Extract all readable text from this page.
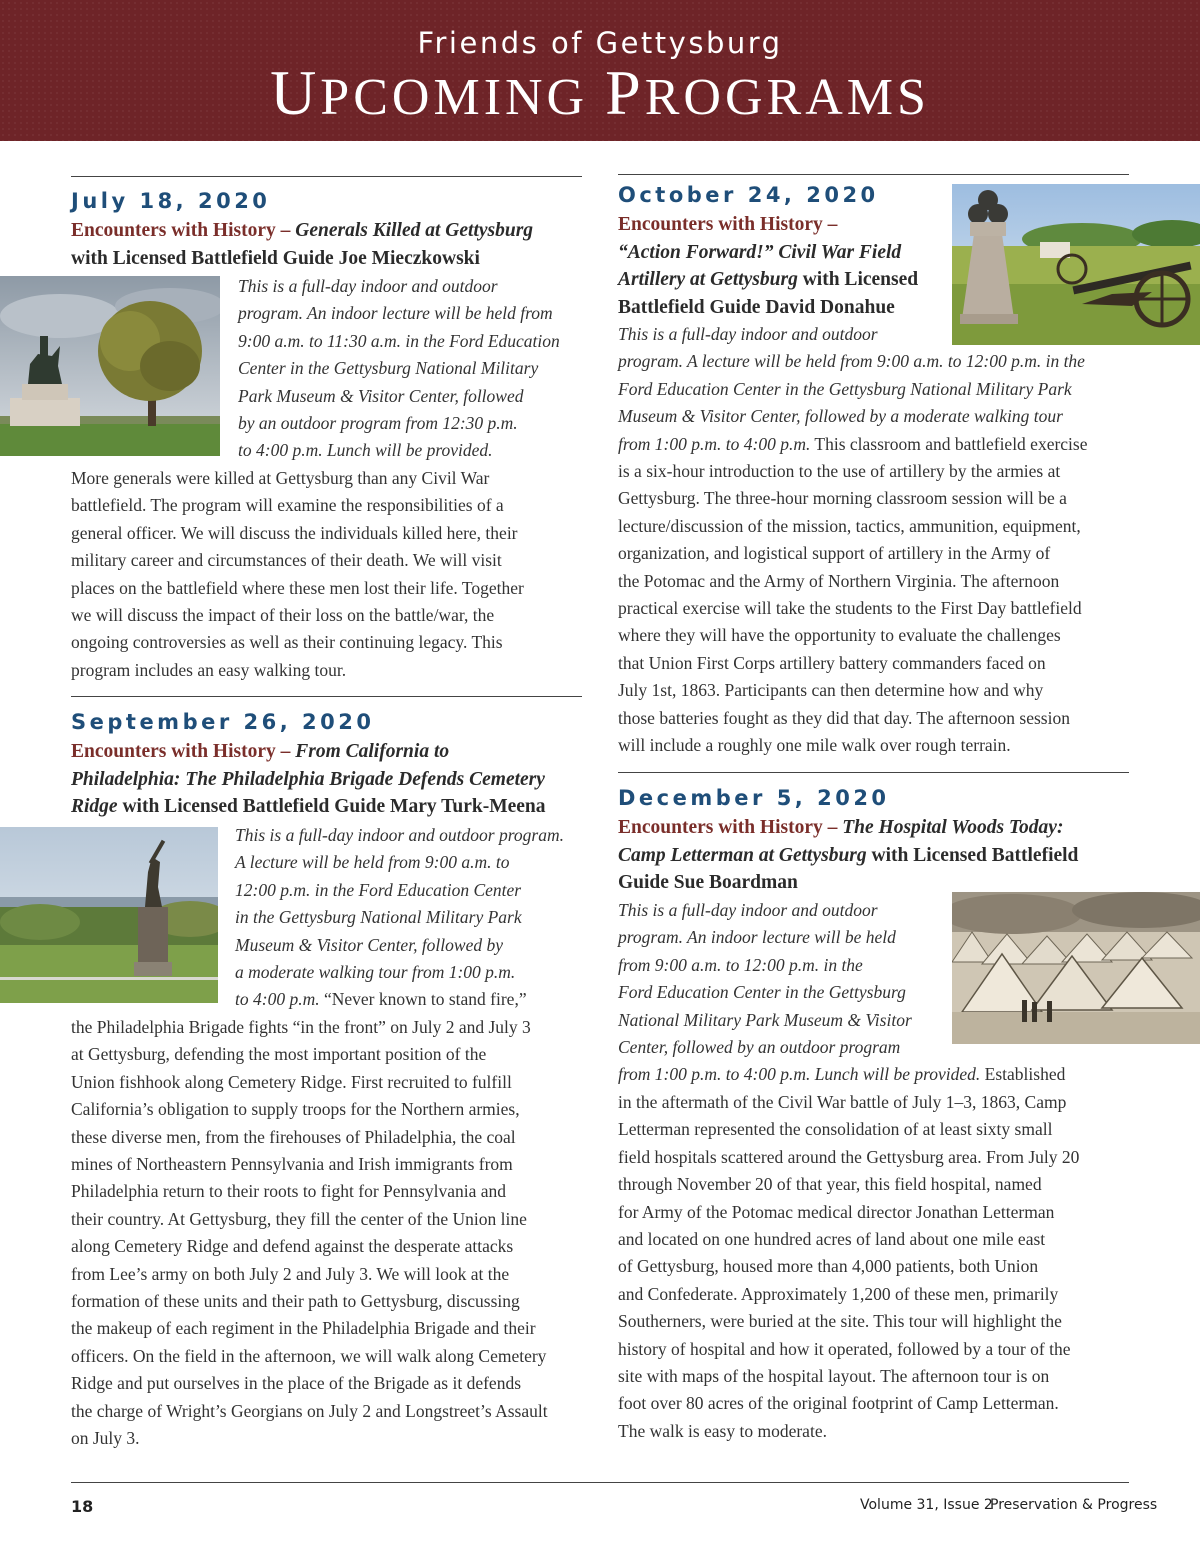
Friends of Gettysburg
UPCOMING PROGRAMS
July 18, 2020
Encounters with History – Generals Killed at Gettysburg
with Licensed Battlefield Guide Joe Mieczkowski
This is a full-day indoor and outdoor
program. An indoor lecture will be held from
9:00 a.m. to 11:30 a.m. in the Ford Education
Center in the Gettysburg National Military
Park Museum & Visitor Center, followed
by an outdoor program from 12:30 p.m.
to 4:00 p.m. Lunch will be provided.
More generals were killed at Gettysburg than any Civil War
battlefield. The program will examine the responsibilities of a
general officer. We will discuss the individuals killed here, their
military career and circumstances of their death. We will visit
places on the battlefield where these men lost their life. Together
we will discuss the impact of their loss on the battle/war, the
ongoing controversies as well as their continuing legacy. This
program includes an easy walking tour.
September 26, 2020
Encounters with History – From California to
Philadelphia: The Philadelphia Brigade Defends Cemetery
Ridge with Licensed Battlefield Guide Mary Turk-Meena
This is a full-day indoor and outdoor program.
A lecture will be held from 9:00 a.m. to
12:00 p.m. in the Ford Education Center
in the Gettysburg National Military Park
Museum & Visitor Center, followed by
a moderate walking tour from 1:00 p.m.
to 4:00 p.m. “Never known to stand fire,”
the Philadelphia Brigade fights “in the front” on July 2 and July 3
at Gettysburg, defending the most important position of the
Union fishhook along Cemetery Ridge. First recruited to fulfill
California’s obligation to supply troops for the Northern armies,
these diverse men, from the firehouses of Philadelphia, the coal
mines of Northeastern Pennsylvania and Irish immigrants from
Philadelphia return to their roots to fight for Pennsylvania and
their country. At Gettysburg, they fill the center of the Union line
along Cemetery Ridge and defend against the desperate attacks
from Lee’s army on both July 2 and July 3. We will look at the
formation of these units and their path to Gettysburg, discussing
the makeup of each regiment in the Philadelphia Brigade and their
officers. On the field in the afternoon, we will walk along Cemetery
Ridge and put ourselves in the place of the Brigade as it defends
the charge of Wright’s Georgians on July 2 and Longstreet’s Assault
on July 3.
October 24, 2020
Encounters with History –
“Action Forward!” Civil War Field
Artillery at Gettysburg with Licensed
Battlefield Guide David Donahue
This is a full-day indoor and outdoor
program. A lecture will be held from 9:00 a.m. to 12:00 p.m. in the
Ford Education Center in the Gettysburg National Military Park
Museum & Visitor Center, followed by a moderate walking tour
from 1:00 p.m. to 4:00 p.m. This classroom and battlefield exercise
is a six-hour introduction to the use of artillery by the armies at
Gettysburg. The three-hour morning classroom session will be a
lecture/discussion of the mission, tactics, ammunition, equipment,
organization, and logistical support of artillery in the Army of
the Potomac and the Army of Northern Virginia. The afternoon
practical exercise will take the students to the First Day battlefield
where they will have the opportunity to evaluate the challenges
that Union First Corps artillery battery commanders faced on
July 1st, 1863. Participants can then determine how and why
those batteries fought as they did that day. The afternoon session
will include a roughly one mile walk over rough terrain.
December 5, 2020
Encounters with History – The Hospital Woods Today:
Camp Letterman at Gettysburg with Licensed Battlefield
Guide Sue Boardman
This is a full-day indoor and outdoor
program. An indoor lecture will be held
from 9:00 a.m. to 12:00 p.m. in the
Ford Education Center in the Gettysburg
National Military Park Museum & Visitor
Center, followed by an outdoor program
from 1:00 p.m. to 4:00 p.m. Lunch will be provided. Established
in the aftermath of the Civil War battle of July 1–3, 1863, Camp
Letterman represented the consolidation of at least sixty small
field hospitals scattered around the Gettysburg area. From July 20
through November 20 of that year, this field hospital, named
for Army of the Potomac medical director Jonathan Letterman
and located on one hundred acres of land about one mile east
of Gettysburg, housed more than 4,000 patients, both Union
and Confederate. Approximately 1,200 of these men, primarily
Southerners, were buried at the site. This tour will highlight the
history of hospital and how it operated, followed by a tour of the
site with maps of the hospital layout. The afternoon tour is on
foot over 80 acres of the original footprint of Camp Letterman.
The walk is easy to moderate.
18	Volume 31, Issue 2
Preservation & Progress
